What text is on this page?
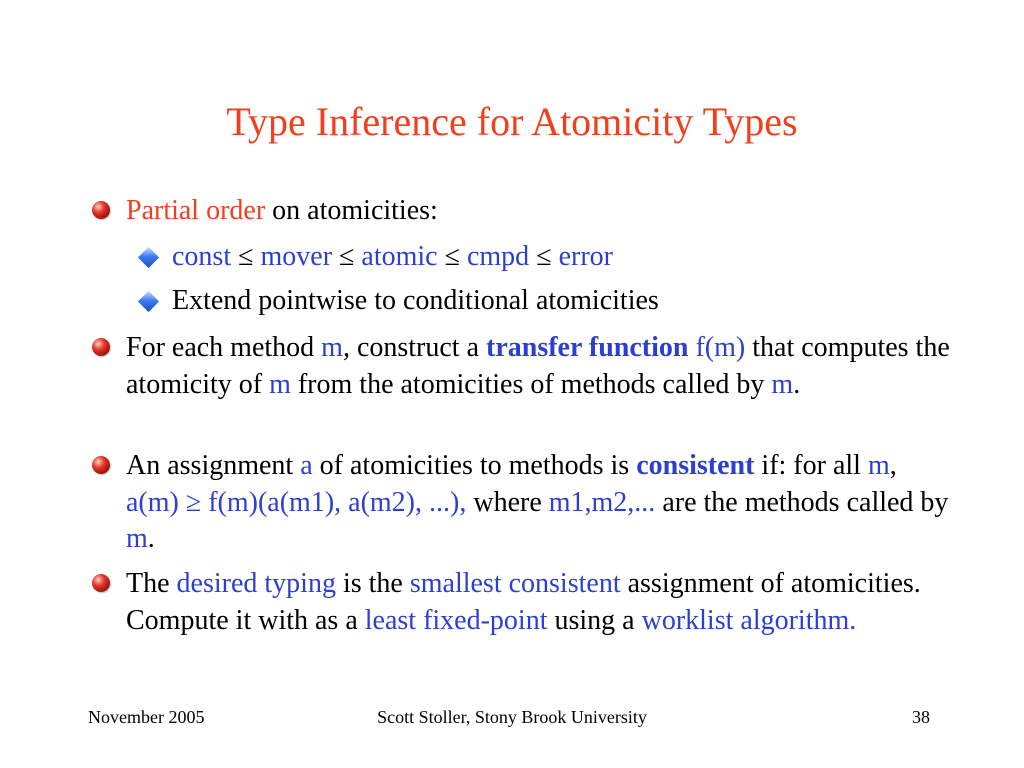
Type Inference for Atomicity Types
Partial order on atomicities:
const ≤ mover ≤ atomic ≤ cmpd ≤ error
Extend pointwise to conditional atomicities
For each method m, construct a transfer function f(m) that computes the atomicity of m from the atomicities of methods called by m.
An assignment a of atomicities to methods is consistent if: for all m, a(m) ≥ f(m)(a(m1), a(m2), ...), where m1,m2,... are the methods called by m.
The desired typing is the smallest consistent assignment of atomicities. Compute it with as a least fixed-point using a worklist algorithm.
November 2005	Scott Stoller, Stony Brook University	38
